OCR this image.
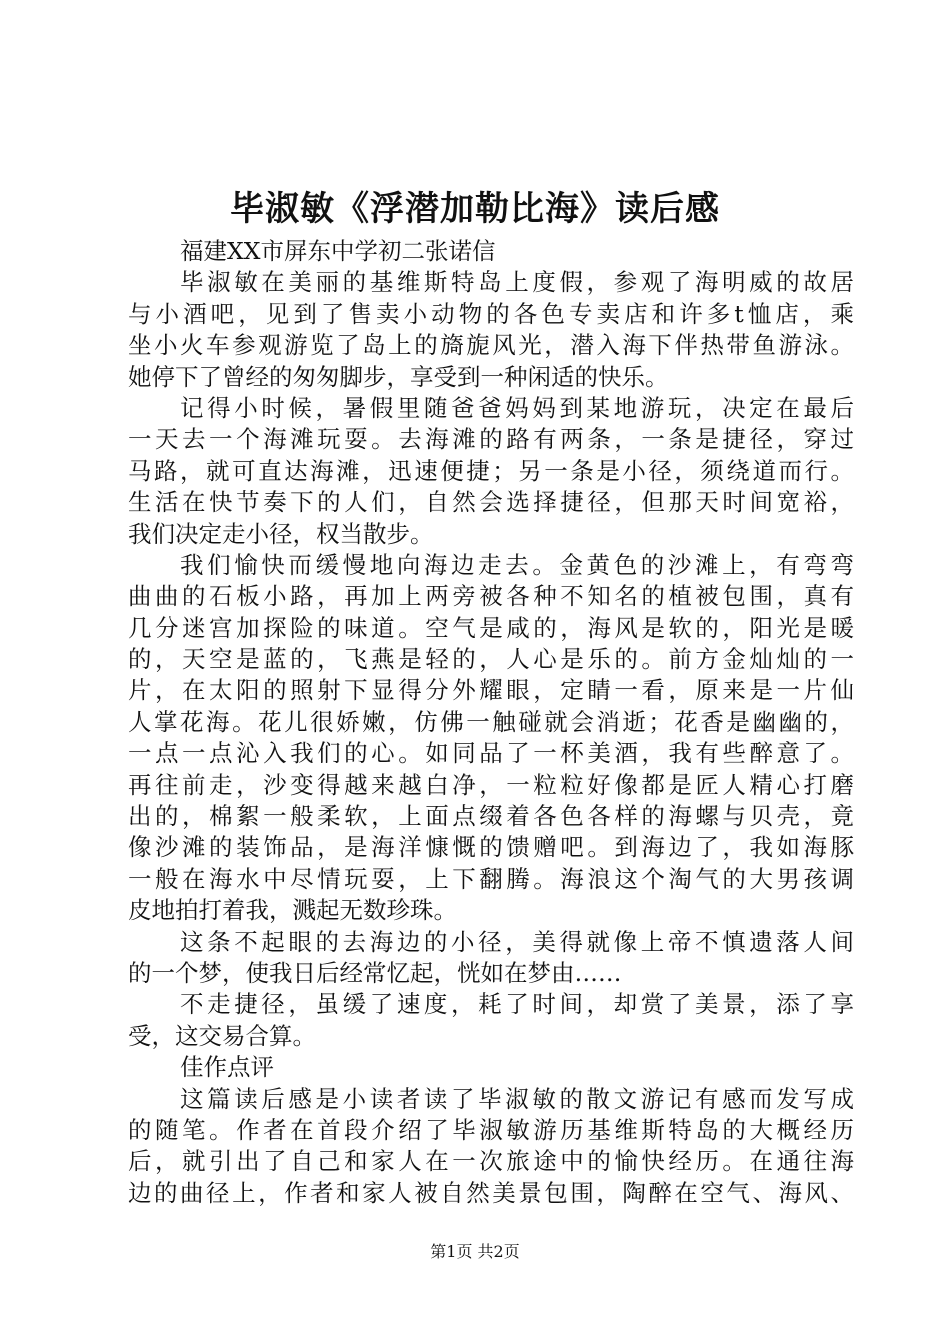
毕淑敏《浮潜加勒比海》读后感
福建XX市屏东中学初二张诺信
毕淑敏在美丽的基维斯特岛上度假，参观了海明威的故居
与小酒吧，见到了售卖小动物的各色专卖店和许多t恤店，乘
坐小火车参观游览了岛上的旖旎风光，潜入海下伴热带鱼游泳。
她停下了曾经的匆匆脚步，享受到一种闲适的快乐。
记得小时候，暑假里随爸爸妈妈到某地游玩，决定在最后
一天去一个海滩玩耍。去海滩的路有两条，一条是捷径，穿过
马路，就可直达海滩，迅速便捷；另一条是小径，须绕道而行。
生活在快节奏下的人们，自然会选择捷径，但那天时间宽裕，
我们决定走小径，权当散步。
我们愉快而缓慢地向海边走去。金黄色的沙滩上，有弯弯
曲曲的石板小路，再加上两旁被各种不知名的植被包围，真有
几分迷宫加探险的味道。空气是咸的，海风是软的，阳光是暖
的，天空是蓝的，飞燕是轻的，人心是乐的。前方金灿灿的一
片，在太阳的照射下显得分外耀眼，定睛一看，原来是一片仙
人掌花海。花儿很娇嫩，仿佛一触碰就会消逝；花香是幽幽的，
一点一点沁入我们的心。如同品了一杯美酒，我有些醉意了。
再往前走，沙变得越来越白净，一粒粒好像都是匠人精心打磨
出的，棉絮一般柔软，上面点缀着各色各样的海螺与贝壳，竟
像沙滩的装饰品，是海洋慷慨的馈赠吧。到海边了，我如海豚
一般在海水中尽情玩耍，上下翻腾。海浪这个淘气的大男孩调
皮地拍打着我，溅起无数珍珠。
这条不起眼的去海边的小径，美得就像上帝不慎遗落人间
的一个梦，使我日后经常忆起，恍如在梦由……
不走捷径，虽缓了速度，耗了时间，却赏了美景，添了享
受，这交易合算。
佳作点评
这篇读后感是小读者读了毕淑敏的散文游记有感而发写成
的随笔。作者在首段介绍了毕淑敏游历基维斯特岛的大概经历
后，就引出了自己和家人在一次旅途中的愉快经历。在通往海
边的曲径上，作者和家人被自然美景包围，陶醉在空气、海风、
第1页 共2页
